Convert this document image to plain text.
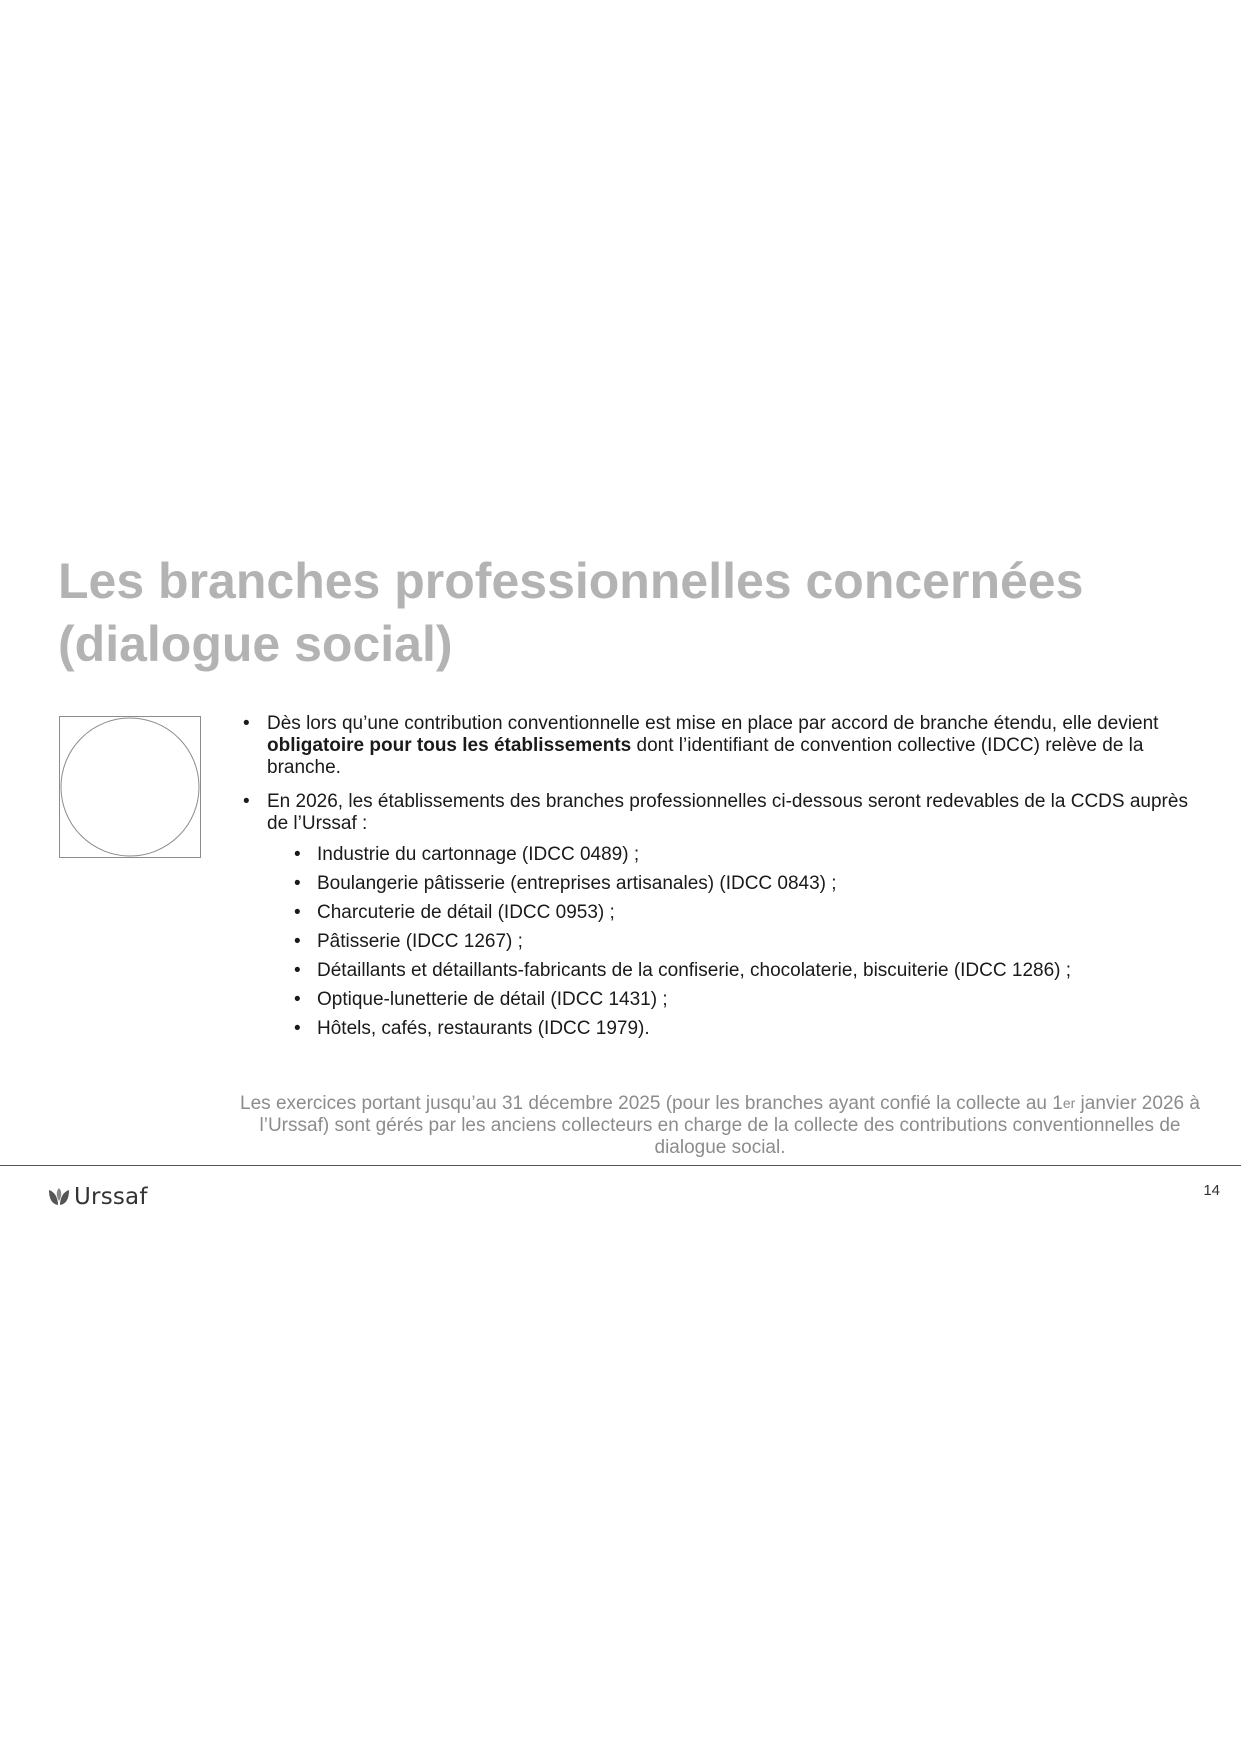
Les branches professionnelles concernées
(dialogue social)
• Dès lors qu’une contribution conventionnelle est mise en place par accord de branche étendu, elle devient obligatoire pour tous les établissements dont l’identifiant de convention collective (IDCC) relève de la branche.
• En 2026, les établissements des branches professionnelles ci-dessous seront redevables de la CCDS auprès de l’Urssaf :
• Industrie du cartonnage (IDCC 0489) ;
• Boulangerie pâtisserie (entreprises artisanales) (IDCC 0843) ;
• Charcuterie de détail (IDCC 0953) ;
• Pâtisserie (IDCC 1267) ;
• Détaillants et détaillants-fabricants de la confiserie, chocolaterie, biscuiterie (IDCC 1286) ;
• Optique-lunetterie de détail (IDCC 1431) ;
• Hôtels, cafés, restaurants (IDCC 1979).

Les exercices portant jusqu’au 31 décembre 2025 (pour les branches ayant confié la collecte au 1er janvier 2026 à l’Urssaf) sont gérés par les anciens collecteurs en charge de la collecte des contributions conventionnelles de dialogue social.

Urssaf	14
